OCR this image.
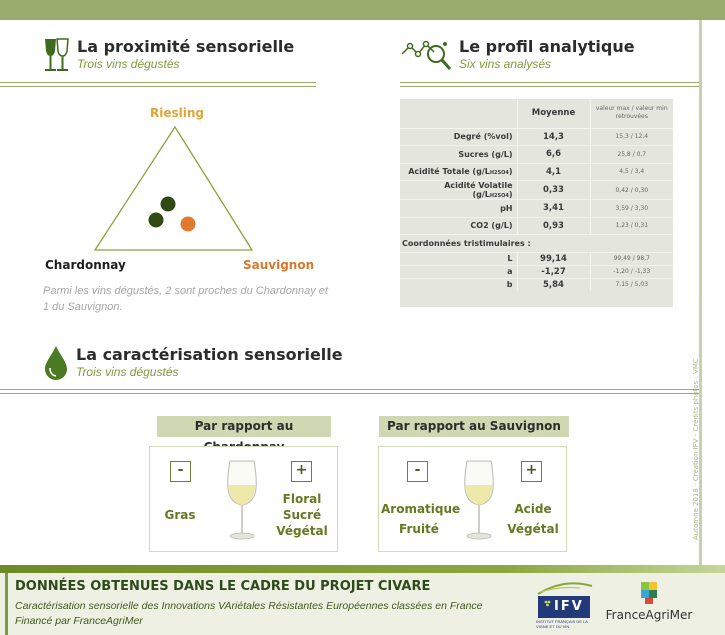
Automne 2018 - Création IFV - Crédits photos : VMC
La proximité sensorielle
Trois vins dégustés
Le profil analytique
Six vins analysés
Riesling
Chardonnay	Sauvignon
Parmi les vins dégustés, 2 sont proches du Chardonnay et 1 du Sauvignon.
	Moyenne	valeur max / valeur min retrouvées
Degré (%vol)	14,3	15,3 / 12,4
Sucres (g/L)	6,6	25,8 / 0,7
Acidité Totale (g/LH2SO4)	4,1	4,5 / 3,4
Acidité Volatile (g/LH2SO4)	0,33	0,42 / 0,30
pH	3,41	3,59 / 3,30
CO2 (g/L)	0,93	1,23 / 0,31
Coordonnées tristimulaires :		
L	99,14	99,49 / 98,7
a	-1,27	-1,20 / -1,33
b	5,84	7,15 / 5,03
La caractérisation sensorielle
Trois vins dégustés
Par rapport au
-	+
Gras
Floral
Sucré
Végétal
Par rapport au Sauvignon
-	+
Aromatique
Fruité
Acide
Végétal
DONNÉES OBTENUES DANS LE CADRE DU PROJET CIVARE
Caractérisation sensorielle des Innovations VAriétales Résistantes Européennes classées en France
Financé par FranceAgriMer
IFV
INSTITUT FRANÇAIS DE LA VIGNE ET DU VIN
FranceAgriMer
